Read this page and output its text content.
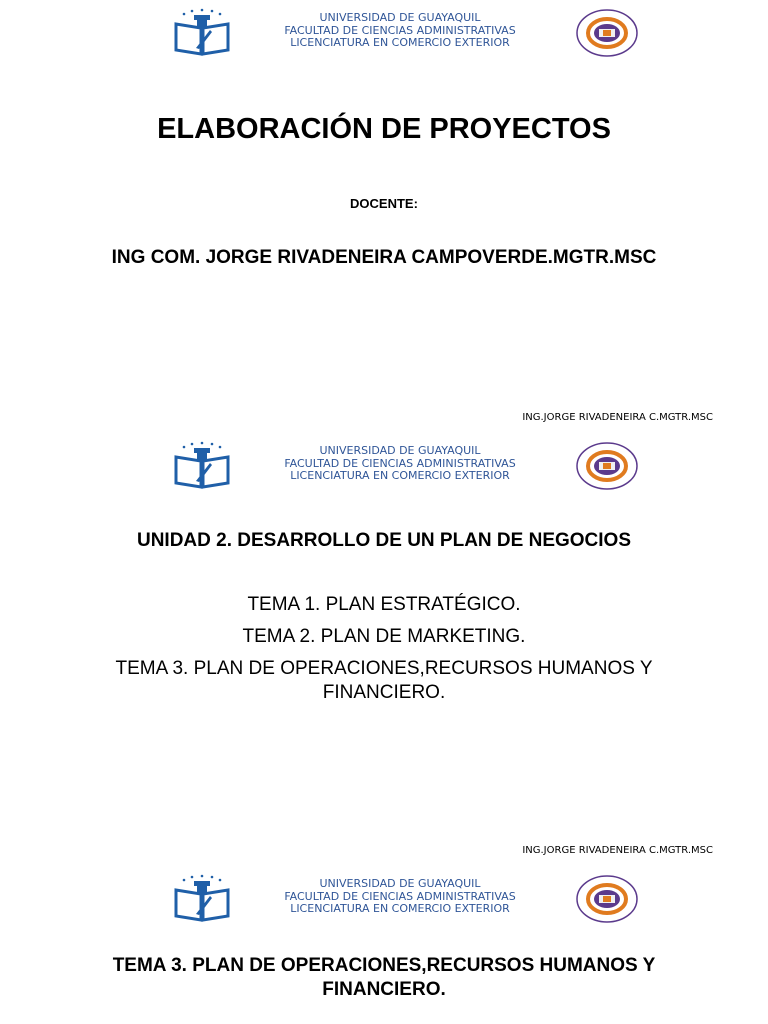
UNIVERSIDAD DE GUAYAQUIL
FACULTAD DE CIENCIAS ADMINISTRATIVAS
LICENCIATURA EN COMERCIO EXTERIOR
ELABORACIÓN DE PROYECTOS
DOCENTE:
ING COM. JORGE RIVADENEIRA CAMPOVERDE.MGTR.MSC
ING.JORGE RIVADENEIRA C.MGTR.MSC
UNIVERSIDAD DE GUAYAQUIL
FACULTAD DE CIENCIAS ADMINISTRATIVAS
LICENCIATURA EN COMERCIO EXTERIOR
UNIDAD 2. DESARROLLO DE UN PLAN DE NEGOCIOS
TEMA 1. PLAN ESTRATÉGICO.
TEMA 2. PLAN DE MARKETING.
TEMA 3. PLAN DE OPERACIONES,RECURSOS HUMANOS Y
FINANCIERO.
ING.JORGE RIVADENEIRA C.MGTR.MSC
UNIVERSIDAD DE GUAYAQUIL
FACULTAD DE CIENCIAS ADMINISTRATIVAS
LICENCIATURA EN COMERCIO EXTERIOR
TEMA 3. PLAN DE OPERACIONES,RECURSOS HUMANOS Y
FINANCIERO.
